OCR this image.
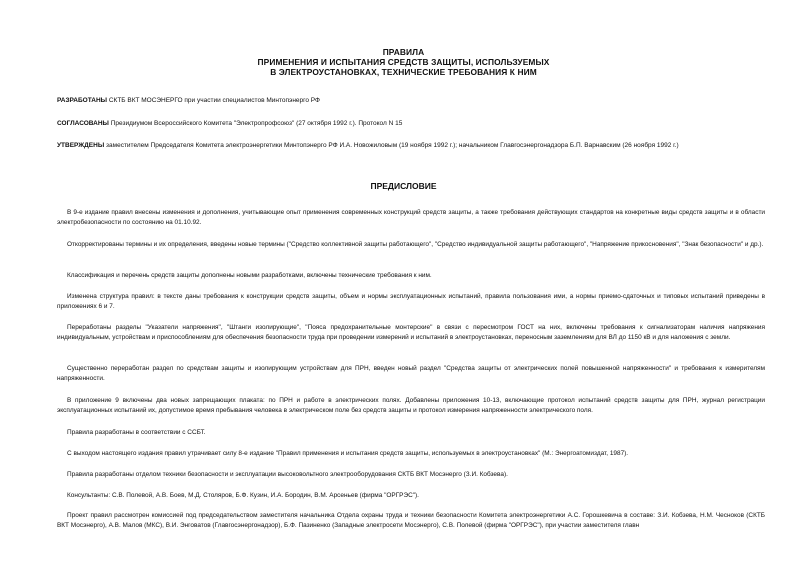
ПРАВИЛА
ПРИМЕНЕНИЯ И ИСПЫТАНИЯ СРЕДСТВ ЗАЩИТЫ, ИСПОЛЬЗУЕМЫХ
В ЭЛЕКТРОУСТАНОВКАХ, ТЕХНИЧЕСКИЕ ТРЕБОВАНИЯ К НИМ
РАЗРАБОТАНЫ СКТБ ВКТ МОСЭНЕРГО при участии специалистов Минтопэнерго РФ
СОГЛАСОВАНЫ Президиумом Всероссийского Комитета "Электропрофсоюз" (27 октября 1992 г.). Протокол N 15
УТВЕРЖДЕНЫ заместителем Председателя Комитета электроэнергетики Минтопэнерго РФ И.А. Новожиловым (19 ноября 1992 г.); начальником Главгосэнергонадзора Б.П. Варнавским (26 ноября 1992 г.)
ПРЕДИСЛОВИЕ

В 9-е издание правил внесены изменения и дополнения, учитывающие опыт применения современных конструкций средств защиты, а также требования действующих стандартов на конкретные виды средств защиты и в области электробезопасности по состоянию на 01.10.92.

Откорректированы термины и их определения, введены новые термины ("Средство коллективной защиты работающего", "Средство индивидуальной защиты работающего", "Напряжение прикосновения", "Знак безопасности" и др.).

Классификация и перечень средств защиты дополнены новыми разработками, включены технические требования к ним.

Изменена структура правил: в тексте даны требования к конструкции средств защиты, объем и нормы эксплуатационных испытаний, правила пользования ими, а нормы приемо-сдаточных и типовых испытаний приведены в приложениях 6 и 7.

Переработаны разделы "Указатели напряжения", "Штанги изолирующие", "Пояса предохранительные монтерские" в связи с пересмотром ГОСТ на них, включены требования к сигнализаторам наличия напряжения индивидуальным, устройствам и приспособлениям для обеспечения безопасности труда при проведении измерений и испытаний в электроустановках, переносным заземлениям для ВЛ до 1150 кВ и для наложения с земли.

Существенно переработан раздел по средствам защиты и изолирующим устройствам для ПРН, введен новый раздел "Средства защиты от электрических полей повышенной напряженности" и требования к измерителям напряженности.

В приложение 9 включены два новых запрещающих плаката: по ПРН и работе в электрических полях. Добавлены приложения 10-13, включающие протокол испытаний средств защиты для ПРН, журнал регистрации эксплуатационных испытаний их, допустимое время пребывания человека в электрическом поле без средств защиты и протокол измерения напряженности электрического поля.

Правила разработаны в соответствии с ССБТ.

С выходом настоящего издания правил утрачивает силу 8-е издание "Правил применения и испытания средств защиты, используемых в электроустановках" (М.: Энергоатомиздат, 1987).

Правила разработаны отделом техники безопасности и эксплуатации высоковольтного электрооборудования СКТБ ВКТ Мосэнерго (З.И. Кобзева).

Консультанты: С.В. Полевой, А.В. Боев, М.Д. Столяров, Б.Ф. Кузин, И.А. Бородин, В.М. Арсеньев (фирма "ОРГРЭС").

Проект правил рассмотрен комиссией под председательством заместителя начальника Отдела охраны труда и техники безопасности Комитета электроэнергетики А.С. Горошкевича в составе: З.И. Кобзева, Н.М. Чесноков (СКТБ ВКТ Мосэнерго), А.В. Малов (МКС), В.И. Энговатов (Главгосэнергонадзор), Б.Ф. Пазиненко (Западные электросети Мосэнерго), С.В. Полевой (фирма "ОРГРЭС"), при участии заместителя главн
